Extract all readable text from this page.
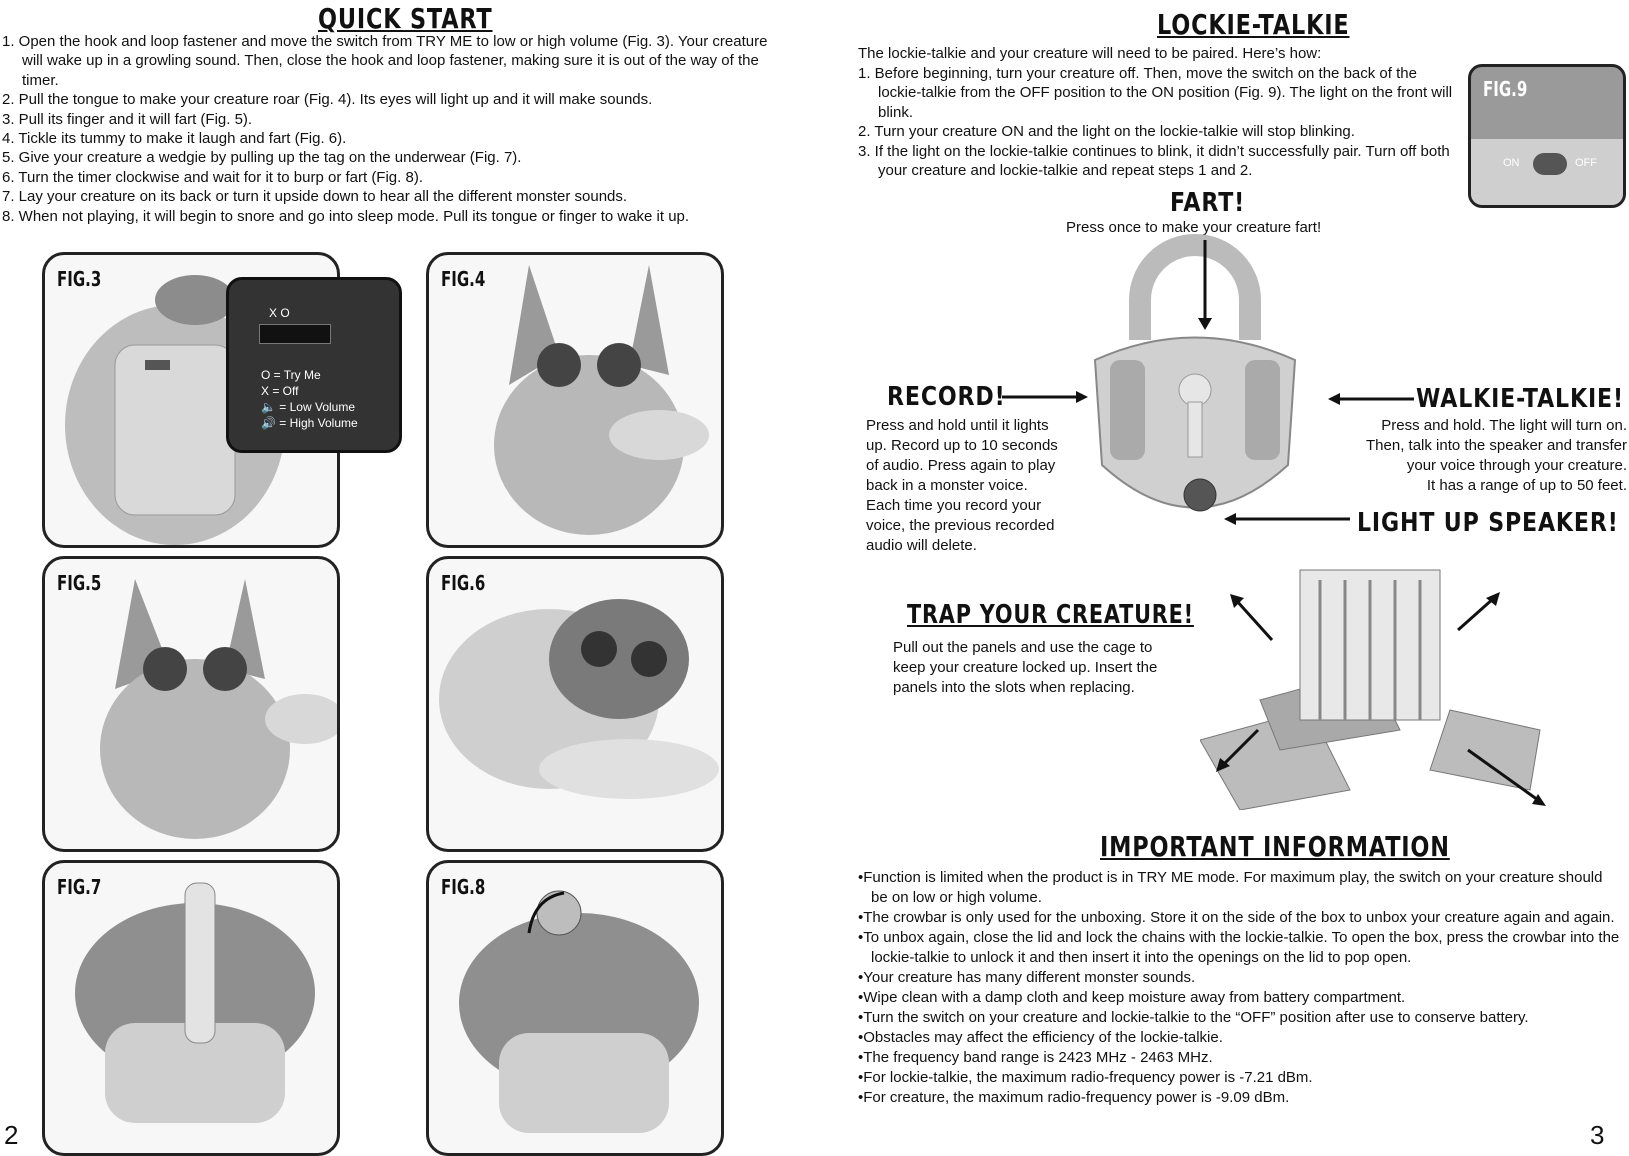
QUICK START
1. Open the hook and loop fastener and move the switch from TRY ME to low or high volume (Fig. 3). Your creature will wake up in a growling sound. Then, close the hook and loop fastener, making sure it is out of the way of the timer.
2. Pull the tongue to make your creature roar (Fig. 4). Its eyes will light up and it will make sounds.
3. Pull its finger and it will fart (Fig. 5).
4. Tickle its tummy to make it laugh and fart (Fig. 6).
5. Give your creature a wedgie by pulling up the tag on the underwear (Fig. 7).
6. Turn the timer clockwise and wait for it to burp or fart (Fig. 8).
7. Lay your creature on its back or turn it upside down to hear all the different monster sounds.
8. When not playing, it will begin to snore and go into sleep mode. Pull its tongue or finger to wake it up.
FIG.3
X O
O = Try Me
X = Off
🔈 = Low Volume
🔊 = High Volume
FIG.4
FIG.5	FIG.6
FIG.7	FIG.8
2
LOCKIE-TALKIE
The lockie-talkie and your creature will need to be paired. Here’s how:
1. Before beginning, turn your creature off. Then, move the switch on the back of the lockie-talkie from the OFF position to the ON position (Fig. 9). The light on the front will blink.
2. Turn your creature ON and the light on the lockie-talkie will stop blinking.
3. If the light on the lockie-talkie continues to blink, it didn’t successfully pair. Turn off both your creature and lockie-talkie and repeat steps 1 and 2.
FIG.9
ON	OFF
FART!
Press once to make your creature fart!
RECORD!
Press and hold until it lights
up. Record up to 10 seconds
of audio. Press again to play
back in a monster voice.
Each time you record your
voice, the previous recorded
audio will delete.
WALKIE-TALKIE!
Press and hold. The light will turn on.
Then, talk into the speaker and transfer
your voice through your creature.
It has a range of up to 50 feet.
LIGHT UP SPEAKER!
TRAP YOUR CREATURE!
Pull out the panels and use the cage to
keep your creature locked up. Insert the
panels into the slots when replacing.
IMPORTANT INFORMATION
• Function is limited when the product is in TRY ME mode. For maximum play, the switch on your creature should be on low or high volume.
• The crowbar is only used for the unboxing. Store it on the side of the box to unbox your creature again and again.
• To unbox again, close the lid and lock the chains with the lockie-talkie. To open the box, press the crowbar into the lockie-talkie to unlock it and then insert it into the openings on the lid to pop open.
• Your creature has many different monster sounds.
• Wipe clean with a damp cloth and keep moisture away from battery compartment.
• Turn the switch on your creature and lockie-talkie to the “OFF” position after use to conserve battery.
• Obstacles may affect the efficiency of the lockie-talkie.
• The frequency band range is 2423 MHz - 2463 MHz.
• For lockie-talkie, the maximum radio-frequency power is -7.21 dBm.
• For creature, the maximum radio-frequency power is -9.09 dBm.
3
